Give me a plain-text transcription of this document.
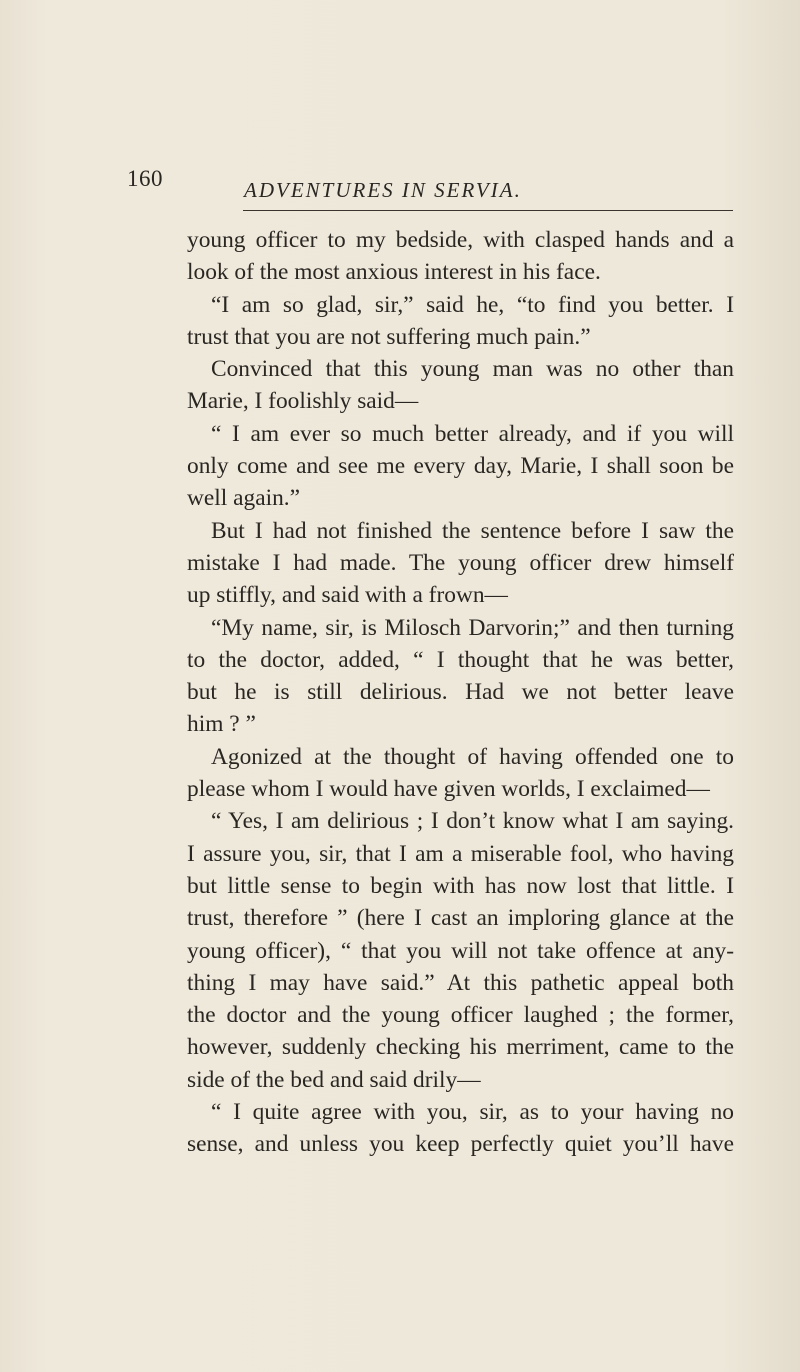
160	ADVENTURES IN SERVIA.
young officer to my bedside, with clasped hands and a
look of the most anxious interest in his face.
“I am so glad, sir,” said he, “to find you better. I
trust that you are not suffering much pain.”
Convinced that this young man was no other than
Marie, I foolishly said—
“ I am ever so much better already, and if you will
only come and see me every day, Marie, I shall soon be
well again.”
But I had not finished the sentence before I saw the
mistake I had made. The young officer drew himself
up stiffly, and said with a frown—
“My name, sir, is Milosch Darvorin;” and then turning
to the doctor, added, “ I thought that he was better,
but he is still delirious. Had we not better leave
him ? ”
Agonized at the thought of having offended one to
please whom I would have given worlds, I exclaimed—
“ Yes, I am delirious ; I don’t know what I am saying.
I assure you, sir, that I am a miserable fool, who having
but little sense to begin with has now lost that little. I
trust, therefore ” (here I cast an imploring glance at the
young officer), “ that you will not take offence at any-
thing I may have said.” At this pathetic appeal both
the doctor and the young officer laughed ; the former,
however, suddenly checking his merriment, came to the
side of the bed and said drily—
“ I quite agree with you, sir, as to your having no
sense, and unless you keep perfectly quiet you’ll have
